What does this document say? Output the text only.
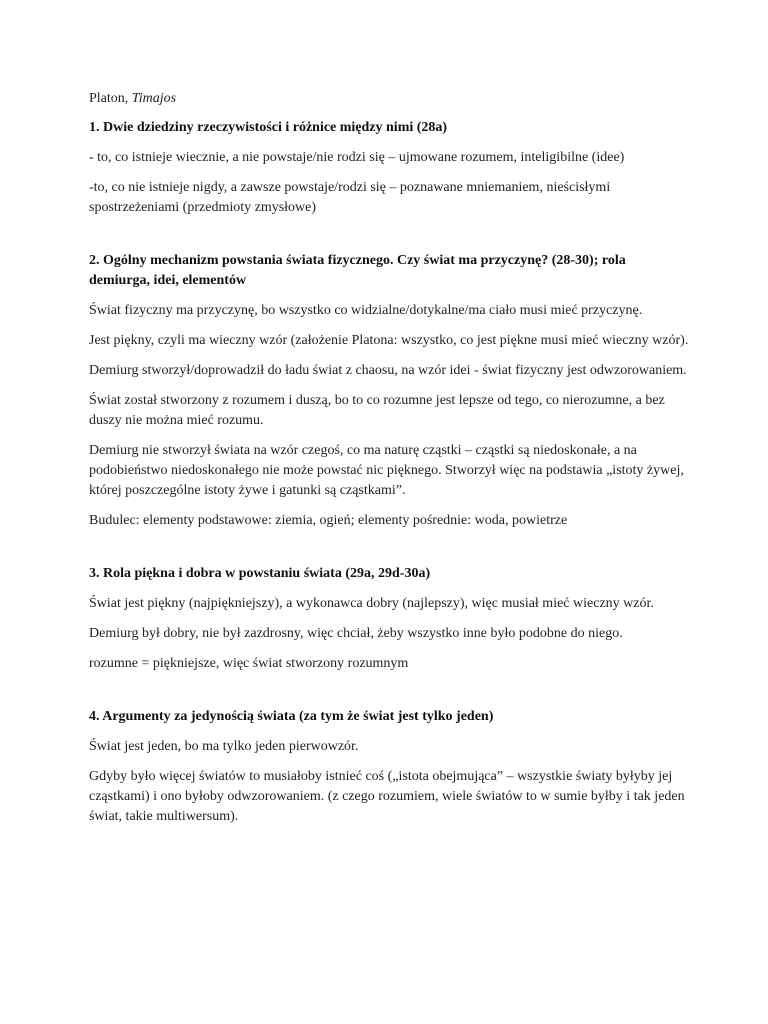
Platon, Timajos

1. Dwie dziedziny rzeczywistości i różnice między nimi (28a)

- to, co istnieje wiecznie, a nie powstaje/nie rodzi się – ujmowane rozumem, inteligibilne (idee)

-to, co nie istnieje nigdy, a zawsze powstaje/rodzi się – poznawane mniemaniem, nieścisłymi spostrzeżeniami (przedmioty zmysłowe)

2. Ogólny mechanizm powstania świata fizycznego. Czy świat ma przyczynę? (28-30); rola demiurga, idei, elementów

Świat fizyczny ma przyczynę, bo wszystko co widzialne/dotykalne/ma ciało musi mieć przyczynę.

Jest piękny, czyli ma wieczny wzór (założenie Platona: wszystko, co jest piękne musi mieć wieczny wzór).

Demiurg stworzył/doprowadził do ładu świat z chaosu, na wzór idei - świat fizyczny jest odwzorowaniem.

Świat został stworzony z rozumem i duszą, bo to co rozumne jest lepsze od tego, co nierozumne, a bez duszy nie można mieć rozumu.

Demiurg nie stworzył świata na wzór czegoś, co ma naturę cząstki – cząstki są niedoskonałe, a na podobieństwo niedoskonałego nie może powstać nic pięknego. Stworzył więc na podstawia „istoty żywej, której poszczególne istoty żywe i gatunki są cząstkami”.

Budulec: elementy podstawowe: ziemia, ogień; elementy pośrednie: woda, powietrze

3. Rola piękna i dobra w powstaniu świata (29a, 29d-30a)

Świat jest piękny (najpiękniejszy), a wykonawca dobry (najlepszy), więc musiał mieć wieczny wzór.

Demiurg był dobry, nie był zazdrosny, więc chciał, żeby wszystko inne było podobne do niego.

rozumne = piękniejsze, więc świat stworzony rozumnym

4. Argumenty za jedynością świata (za tym że świat jest tylko jeden)

Świat jest jeden, bo ma tylko jeden pierwowzór.

Gdyby było więcej światów to musiałoby istnieć coś („istota obejmująca” – wszystkie światy byłyby jej cząstkami) i ono byłoby odwzorowaniem. (z czego rozumiem, wiele światów to w sumie byłby i tak jeden świat, takie multiwersum).
